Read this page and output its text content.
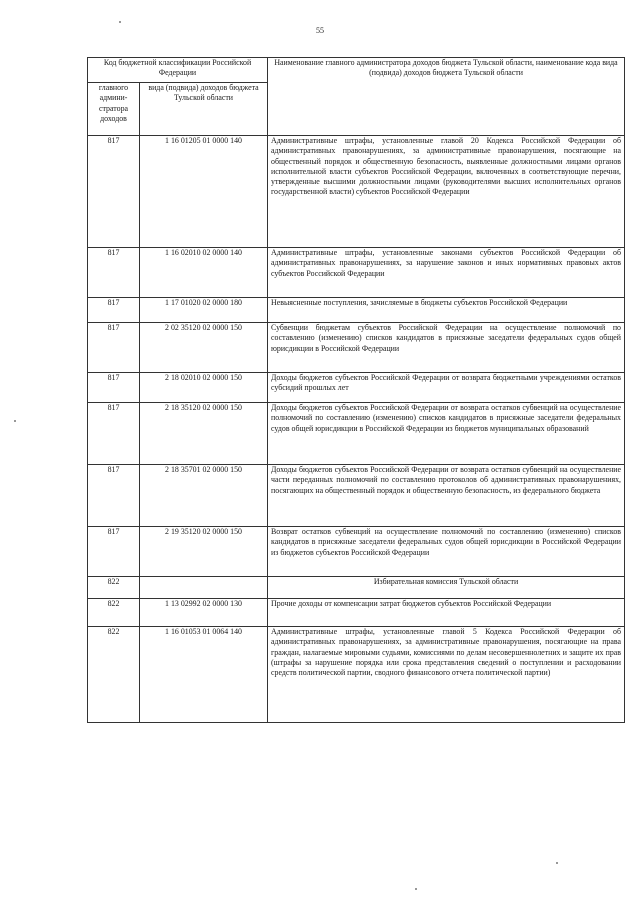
55
Код бюджетной классификации Российской Федерации		Наименование главного администратора доходов бюджета Тульской области, наименование кода вида (подвида) доходов бюджета Тульской области
главного админи-стратора доходов	вида (подвида) доходов бюджета Тульской области	
817	1 16 01205 01 0000 140	Административные штрафы, установленные главой 20 Кодекса Российской Федерации об административных правонарушениях, за административные правонарушения, посягающие на общественный порядок и общественную безопасность, выявленные должностными лицами органов исполнительной власти субъектов Российской Федерации, включенных в соответствующие перечни, утвержденные высшими должностными лицами (руководителями высших исполнительных органов государственной власти) субъектов Российской Федерации
817	1 16 02010 02 0000 140	Административные штрафы, установленные законами субъектов Российской Федерации об административных правонарушениях, за нарушение законов и иных нормативных правовых актов субъектов Российской Федерации
817	1 17 01020 02 0000 180	Невыясненные поступления, зачисляемые в бюджеты субъектов Российской Федерации
817	2 02 35120 02 0000 150	Субвенции бюджетам субъектов Российской Федерации на осуществление полномочий по составлению (изменению) списков кандидатов в присяжные заседатели федеральных судов общей юрисдикции в Российской Федерации
817	2 18 02010 02 0000 150	Доходы бюджетов субъектов Российской Федерации от возврата бюджетными учреждениями остатков субсидий прошлых лет
817	2 18 35120 02 0000 150	Доходы бюджетов субъектов Российской Федерации от возврата остатков субвенций на осуществление полномочий по составлению (изменению) списков кандидатов в присяжные заседатели федеральных судов общей юрисдикции в Российской Федерации из бюджетов муниципальных образований
817	2 18 35701 02 0000 150	Доходы бюджетов субъектов Российской Федерации от возврата остатков субвенций на осуществление части переданных полномочий по составлению протоколов об административных правонарушениях, посягающих на общественный порядок и общественную безопасность, из федерального бюджета
817	2 19 35120 02 0000 150	Возврат остатков субвенций на осуществление полномочий по составлению (изменению) списков кандидатов в присяжные заседатели федеральных судов общей юрисдикции в Российской Федерации из бюджетов субъектов Российской Федерации
822		Избирательная комиссия Тульской области
822	1 13 02992 02 0000 130	Прочие доходы от компенсации затрат бюджетов субъектов Российской Федерации
822	1 16 01053 01 0064 140	Административные штрафы, установленные главой 5 Кодекса Российской Федерации об административных правонарушениях, за административные правонарушения, посягающие на права граждан, налагаемые мировыми судьями, комиссиями по делам несовершеннолетних и защите их прав (штрафы за нарушение порядка или срока представления сведений о поступлении и расходовании средств политической партии, сводного финансового отчета политической партии)
